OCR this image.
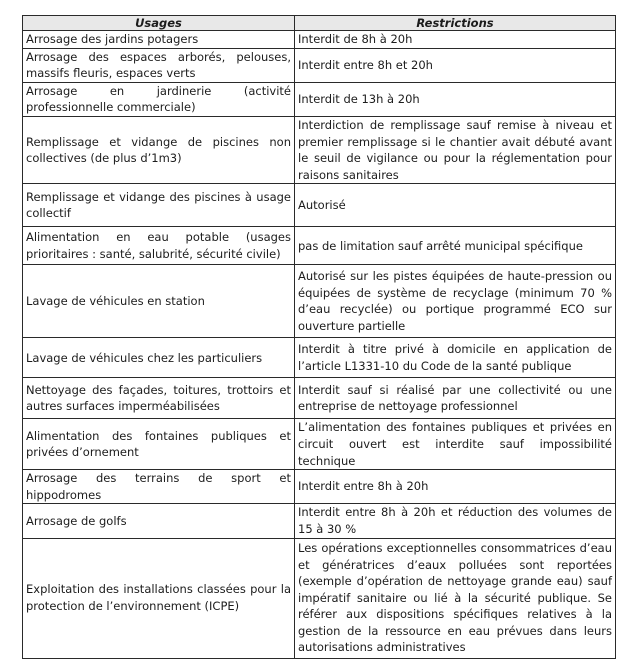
Usages	Restrictions
Arrosage des jardins potagers	Interdit de 8h à 20h
Arrosage des espaces arborés, pelouses, massifs fleuris, espaces verts	Interdit entre 8h et 20h
Arrosage en jardinerie (activité professionnelle commerciale)	Interdit de 13h à 20h
Remplissage et vidange de piscines non collectives (de plus d’1m3)	Interdiction de remplissage sauf remise à niveau et premier remplissage si le chantier avait débuté avant le seuil de vigilance ou pour la réglementation pour raisons sanitaires
Remplissage et vidange des piscines à usage collectif	Autorisé
Alimentation en eau potable (usages prioritaires : santé, salubrité, sécurité civile)	pas de limitation sauf arrêté municipal spécifique
Lavage de véhicules en station	Autorisé sur les pistes équipées de haute-pression ou équipées de système de recyclage (minimum 70 % d’eau recyclée) ou portique programmé ECO sur ouverture partielle
Lavage de véhicules chez les particuliers	Interdit à titre privé à domicile en application de l’article L1331-10 du Code de la santé publique
Nettoyage des façades, toitures, trottoirs et autres surfaces imperméabilisées	Interdit sauf si réalisé par une collectivité ou une entreprise de nettoyage professionnel
Alimentation des fontaines publiques et privées d’ornement	L’alimentation des fontaines publiques et privées en circuit ouvert est interdite sauf impossibilité technique
Arrosage des terrains de sport et hippodromes	Interdit entre 8h à 20h
Arrosage de golfs	Interdit entre 8h à 20h et réduction des volumes de 15 à 30 %
Exploitation des installations classées pour la protection de l’environnement (ICPE)	Les opérations exceptionnelles consommatrices d’eau et génératrices d’eaux polluées sont reportées (exemple d’opération de nettoyage grande eau) sauf impératif sanitaire ou lié à la sécurité publique. Se référer aux dispositions spécifiques relatives à la gestion de la ressource en eau prévues dans leurs autorisations administratives
